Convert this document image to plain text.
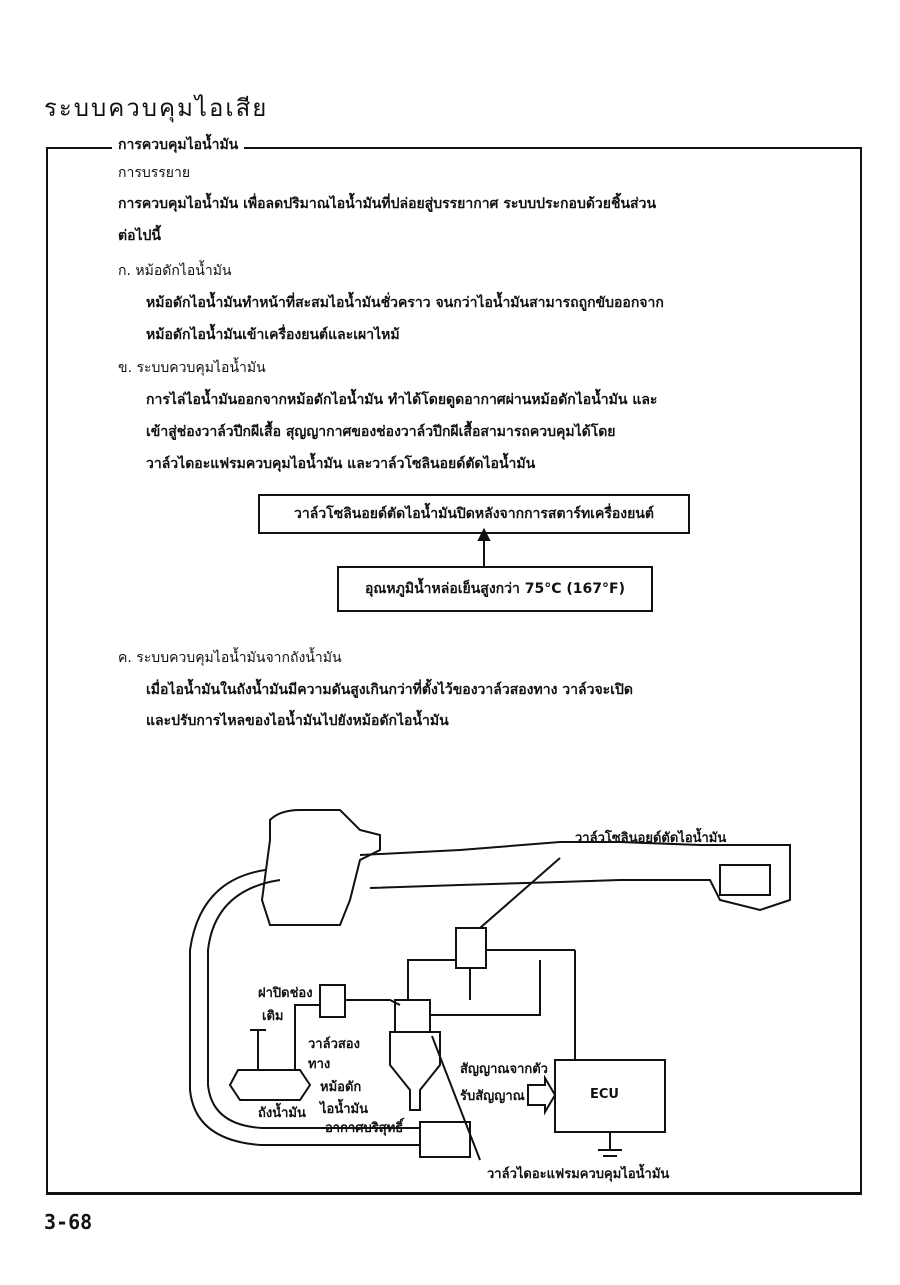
ระบบควบคุมไอเสีย
การควบคุมไอน้ำมัน
การบรรยาย
การควบคุมไอน้ำมัน เพื่อลดปริมาณไอน้ำมันที่ปล่อยสู่บรรยากาศ ระบบประกอบด้วยชิ้นส่วน
ต่อไปนี้
ก. หม้อดักไอน้ำมัน
หม้อดักไอน้ำมันทำหน้าที่สะสมไอน้ำมันชั่วคราว จนกว่าไอน้ำมันสามารถถูกขับออกจาก
หม้อดักไอน้ำมันเข้าเครื่องยนต์และเผาไหม้
ข. ระบบควบคุมไอน้ำมัน
การไล่ไอน้ำมันออกจากหม้อดักไอน้ำมัน ทำได้โดยดูดอากาศผ่านหม้อดักไอน้ำมัน และ
เข้าสู่ช่องวาล์วปีกผีเสื้อ สุญญากาศของช่องวาล์วปีกผีเสื้อสามารถควบคุมได้โดย
วาล์วไดอะแฟรมควบคุมไอน้ำมัน และวาล์วโซลินอยด์ตัดไอน้ำมัน
วาล์วโซลินอยด์ตัดไอน้ำมันปิดหลังจากการสตาร์ทเครื่องยนต์
อุณหภูมิน้ำหล่อเย็นสูงกว่า 75°C (167°F)
ค. ระบบควบคุมไอน้ำมันจากถังน้ำมัน
เมื่อไอน้ำมันในถังน้ำมันมีความดันสูงเกินกว่าที่ตั้งไว้ของวาล์วสองทาง วาล์วจะเปิด
และปรับการไหลของไอน้ำมันไปยังหม้อดักไอน้ำมัน
วาล์วโซลินอยด์ตัดไอน้ำมัน
ฝาปิดช่อง
เติม
วาล์วสอง
ทาง
หม้อดัก
ไอน้ำมัน
ถังน้ำมัน
อากาศบริสุทธิ์
สัญญาณจากตัว
รับสัญญาณ	ECU
วาล์วไดอะแฟรมควบคุมไอน้ำมัน
3-68
